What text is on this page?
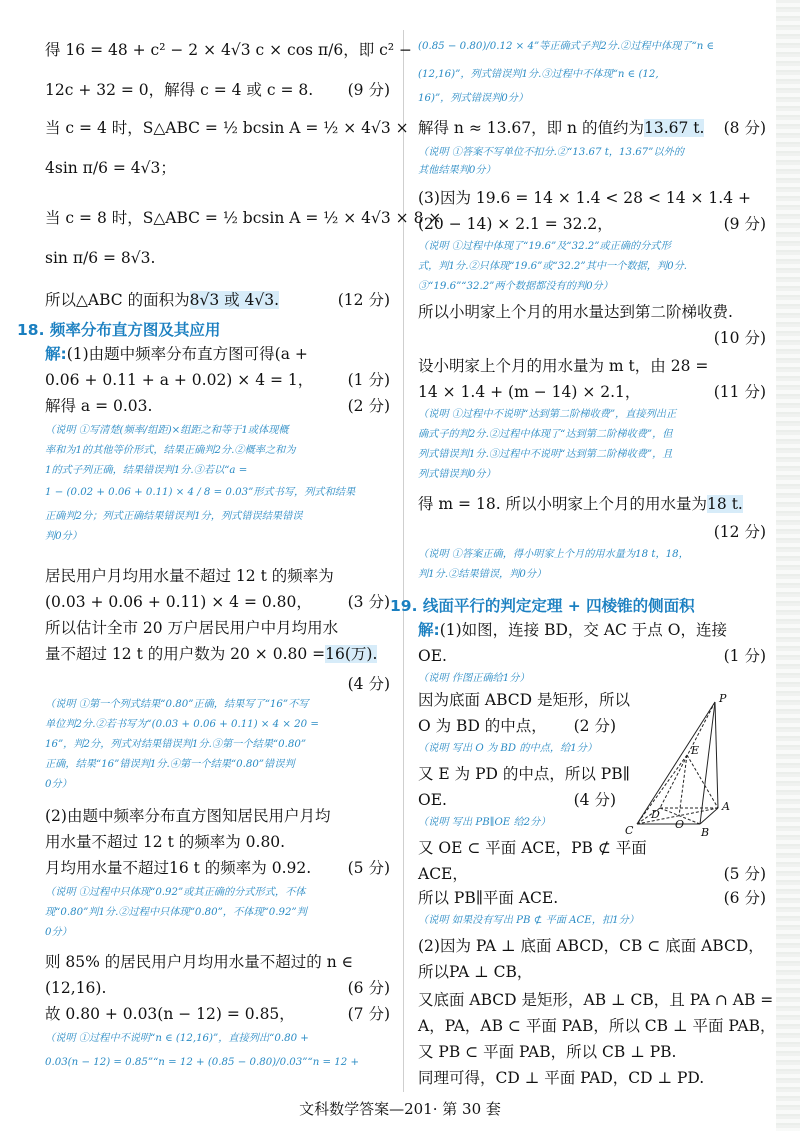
得 16 = 48 + c² − 2 × 4√3 c × cos π/6，即 c² −
12c + 32 = 0，解得 c = 4 或 c = 8. (9 分)
当 c = 4 时，S△ABC = ½ bcsin A = ½ × 4√3 ×
4sin π/6 = 4√3；
当 c = 8 时，S△ABC = ½ bcsin A = ½ × 4√3 × 8 ×
sin π/6 = 8√3.
所以△ABC 的面积为8√3 或 4√3.	(12 分)
18. 频率分布直方图及其应用
解:(1)由题中频率分布直方图可得(a +
0.06 + 0.11 + a + 0.02) × 4 = 1， (1 分)
解得 a = 0.03.	(2 分)
（说明 ①写清楚(频率/组距)×组距之和等于1或体现概
率和为1的其他等价形式，结果正确判2分.②概率之和为
1的式子列正确，结果错误判1分.③若以“a =
1 − (0.02 + 0.06 + 0.11) × 4 / 8 = 0.03”形式书写，列式和结果
正确判2分；列式正确结果错误判1分，列式错误结果错误
判0分）
居民用户月均用水量不超过 12 t 的频率为
(0.03 + 0.06 + 0.11) × 4 = 0.80， (3 分)
所以估计全市 20 万户居民用户中月均用水
量不超过 12 t 的用户数为 20 × 0.80 =16(万).
(4 分)
（说明 ①第一个列式结果“0.80”正确，结果写了“16”不写
单位判2分.②若书写为“(0.03 + 0.06 + 0.11) × 4 × 20 =
16”，判2分，列式对结果错误判1分.③第一个结果“0.80”
正确，结果“16”错误判1分.④第一个结果“0.80”错误判
0分）
(2)由题中频率分布直方图知居民用户月均
用水量不超过 12 t 的频率为 0.80.
月均用水量不超过16 t 的频率为 0.92. (5 分)
（说明 ①过程中只体现“0.92”或其正确的分式形式，不体
现“0.80”判1分.②过程中只体现“0.80”，不体现“0.92”判
0分）
则 85% 的居民用户月均用水量不超过的 n ∈
(12,16).	(6 分)
故 0.80 + 0.03(n − 12) = 0.85，	(7 分)
（说明 ①过程中不说明“n ∈ (12,16)”，直接列出“0.80 +
0.03(n − 12) = 0.85”“n = 12 + (0.85 − 0.80)/0.03”“n = 12 +
(0.85 − 0.80)/0.12 × 4”等正确式子判2分.②过程中体现了“n ∈
(12,16)”，列式错误判1分.③过程中不体现“n ∈ (12,
16)”，列式错误判0分）
解得 n ≈ 13.67，即 n 的值约为13.67 t. (8 分)
（说明 ①答案不写单位不扣分.②“13.67 t，13.67”以外的
其他结果判0分）
(3)因为 19.6 = 14 × 1.4 < 28 < 14 × 1.4 +
(20 − 14) × 2.1 = 32.2，	(9 分)
（说明 ①过程中体现了“19.6”及“32.2”或正确的分式形
式，判1分.②只体现“19.6”或“32.2”其中一个数据，判0分.
③“19.6”“32.2”两个数据都没有的判0分）
所以小明家上个月的用水量达到第二阶梯收费.
(10 分)
设小明家上个月的用水量为 m t，由 28 =
14 × 1.4 + (m − 14) × 2.1，	(11 分)
（说明 ①过程中不说明“达到第二阶梯收费”，直接列出正
确式子的判2分.②过程中体现了“达到第二阶梯收费”，但
列式错误判1分.③过程中不说明“达到第二阶梯收费”，且
列式错误判0分）
得 m = 18. 所以小明家上个月的用水量为18 t.
(12 分)
（说明 ①答案正确，得小明家上个月的用水量为18 t，18，
判1分.②结果错误，判0分）
19. 线面平行的判定定理 + 四棱锥的侧面积
解:(1)如图，连接 BD，交 AC 于点 O，连接
OE.	(1 分)
（说明 作图正确给1分）
因为底面 ABCD 是矩形，所以
O 为 BD 的中点， (2 分)
（说明 写出 O 为 BD 的中点，给1分）
又 E 为 PD 的中点，所以 PB∥
OE.	(4 分)
（说明 写出 PB∥OE 给2分）
又 OE ⊂ 平面 ACE，PB ⊄ 平面
ACE，	(5 分)
所以 PB∥平面 ACE.	(6 分)
（说明 如果没有写出 PB ⊄ 平面 ACE，扣1分）
(2)因为 PA ⊥ 底面 ABCD，CB ⊂ 底面 ABCD，
所以PA ⊥ CB，
又底面 ABCD 是矩形，AB ⊥ CB，且 PA ∩ AB =
A，PA，AB ⊂ 平面 PAB，所以 CB ⊥ 平面 PAB，
又 PB ⊂ 平面 PAB，所以 CB ⊥ PB.
同理可得，CD ⊥ 平面 PAD，CD ⊥ PD.
P
E
A
B
C
D
O
文科数学答案—201· 第 30 套
